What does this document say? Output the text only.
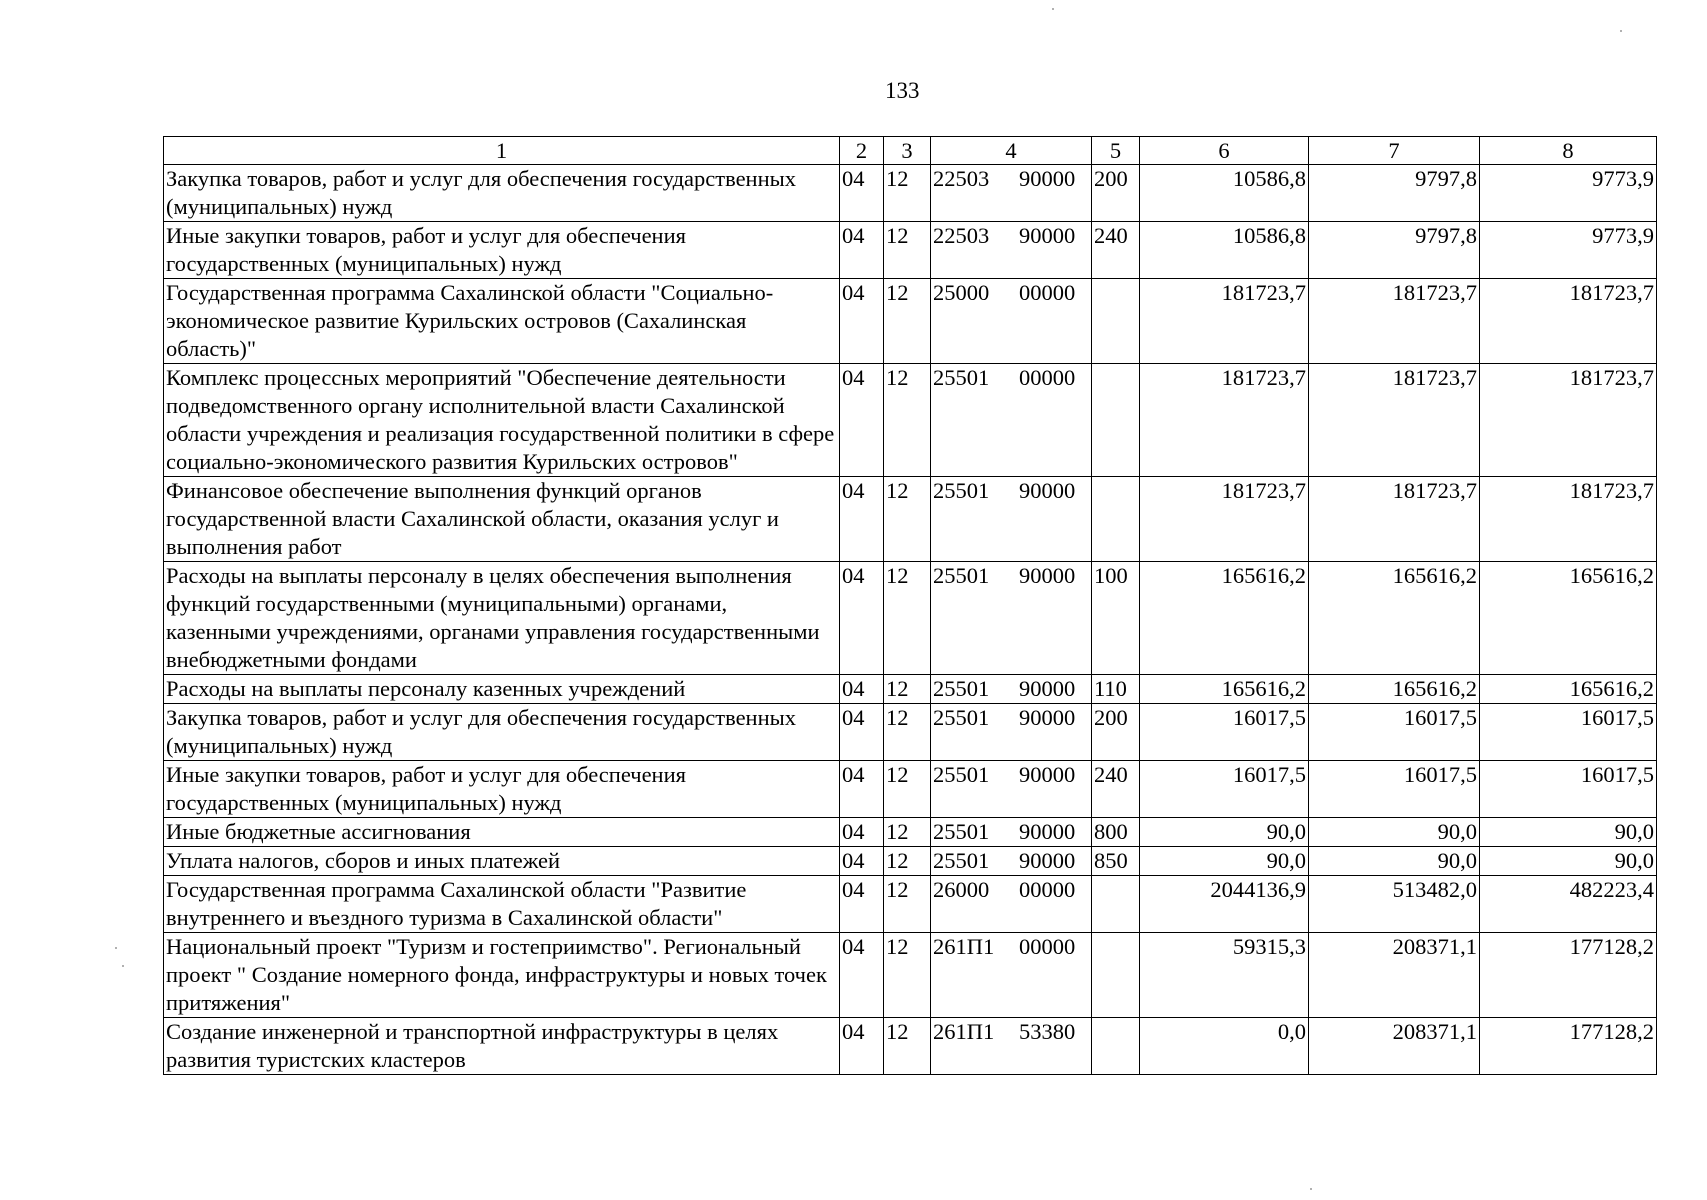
133
1	2	3	4	5	6	7	8
Закупка товаров, работ и услуг для обеспечения государственных (муниципальных) нужд	04	12	22503 90000	200	10586,8	9797,8	9773,9
Иные закупки товаров, работ и услуг для обеспечения государственных (муниципальных) нужд	04	12	22503 90000	240	10586,8	9797,8	9773,9
Государственная программа Сахалинской области "Социально-экономическое развитие Курильских островов (Сахалинская область)"	04	12	25000 00000		181723,7	181723,7	181723,7
Комплекс процессных мероприятий "Обеспечение деятельности подведомственного органу исполнительной власти Сахалинской области учреждения и реализация государственной политики в сфере социально-экономического развития Курильских островов"	04	12	25501 00000		181723,7	181723,7	181723,7
Финансовое обеспечение выполнения функций органов государственной власти Сахалинской области, оказания услуг и выполнения работ	04	12	25501 90000		181723,7	181723,7	181723,7
Расходы на выплаты персоналу в целях обеспечения выполнения функций государственными (муниципальными) органами, казенными учреждениями, органами управления государственными внебюджетными фондами	04	12	25501 90000	100	165616,2	165616,2	165616,2
Расходы на выплаты персоналу казенных учреждений	04	12	25501 90000	110	165616,2	165616,2	165616,2
Закупка товаров, работ и услуг для обеспечения государственных (муниципальных) нужд	04	12	25501 90000	200	16017,5	16017,5	16017,5
Иные закупки товаров, работ и услуг для обеспечения государственных (муниципальных) нужд	04	12	25501 90000	240	16017,5	16017,5	16017,5
Иные бюджетные ассигнования	04	12	25501 90000	800	90,0	90,0	90,0
Уплата налогов, сборов и иных платежей	04	12	25501 90000	850	90,0	90,0	90,0
Государственная программа Сахалинской области "Развитие внутреннего и въездного туризма в Сахалинской области"	04	12	26000 00000		2044136,9	513482,0	482223,4
Национальный проект "Туризм и гостеприимство". Региональный проект " Создание номерного фонда, инфраструктуры и новых точек притяжения"	04	12	261П1 00000		59315,3	208371,1	177128,2
Создание инженерной и транспортной инфраструктуры в целях развития туристских кластеров	04	12	261П1 53380		0,0	208371,1	177128,2
